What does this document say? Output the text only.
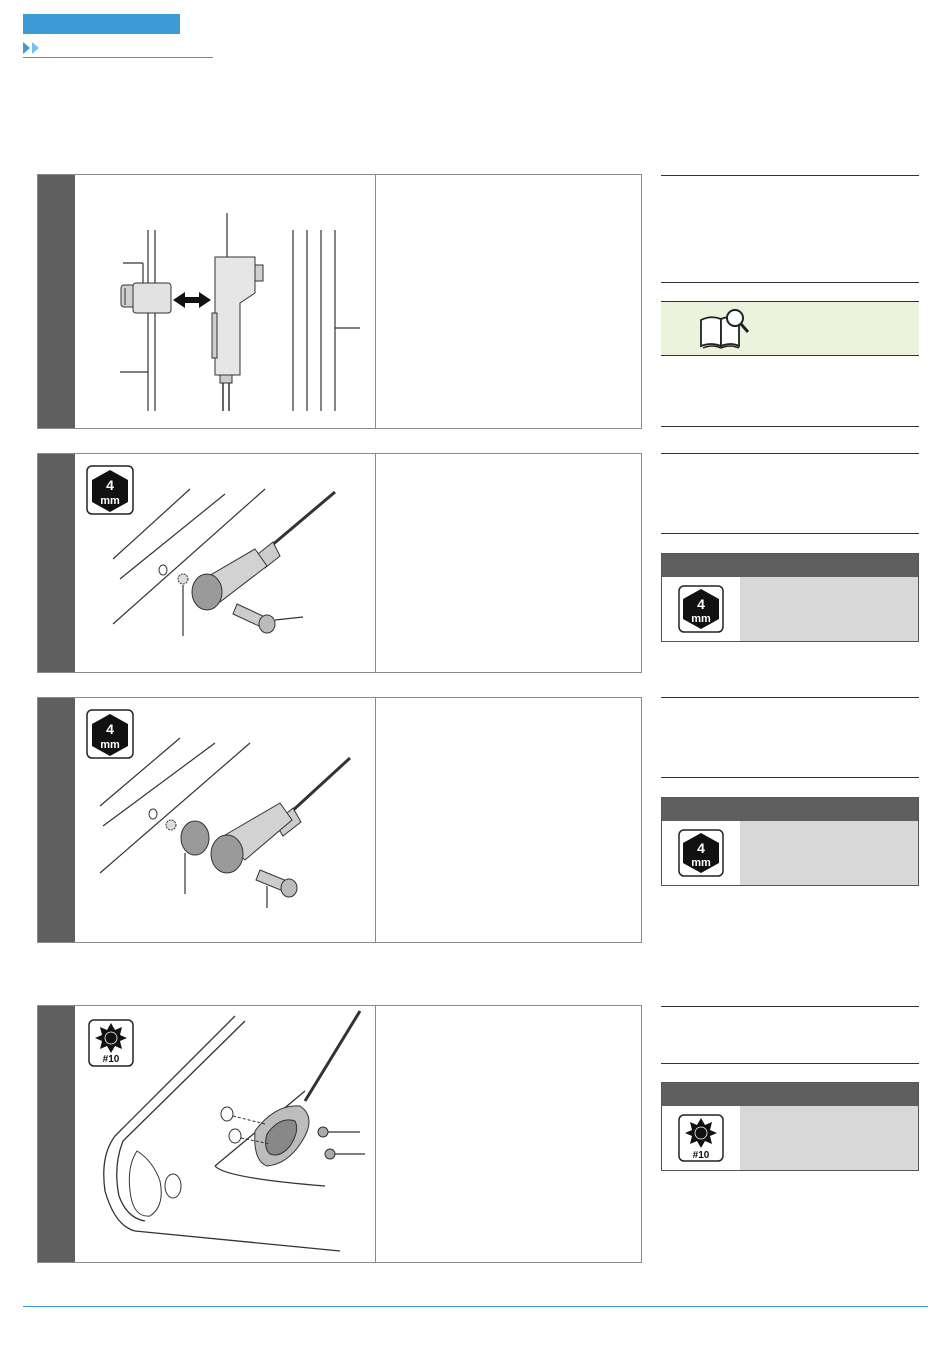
4
mm
4
mm
#10
4
mm
4
mm
#10
